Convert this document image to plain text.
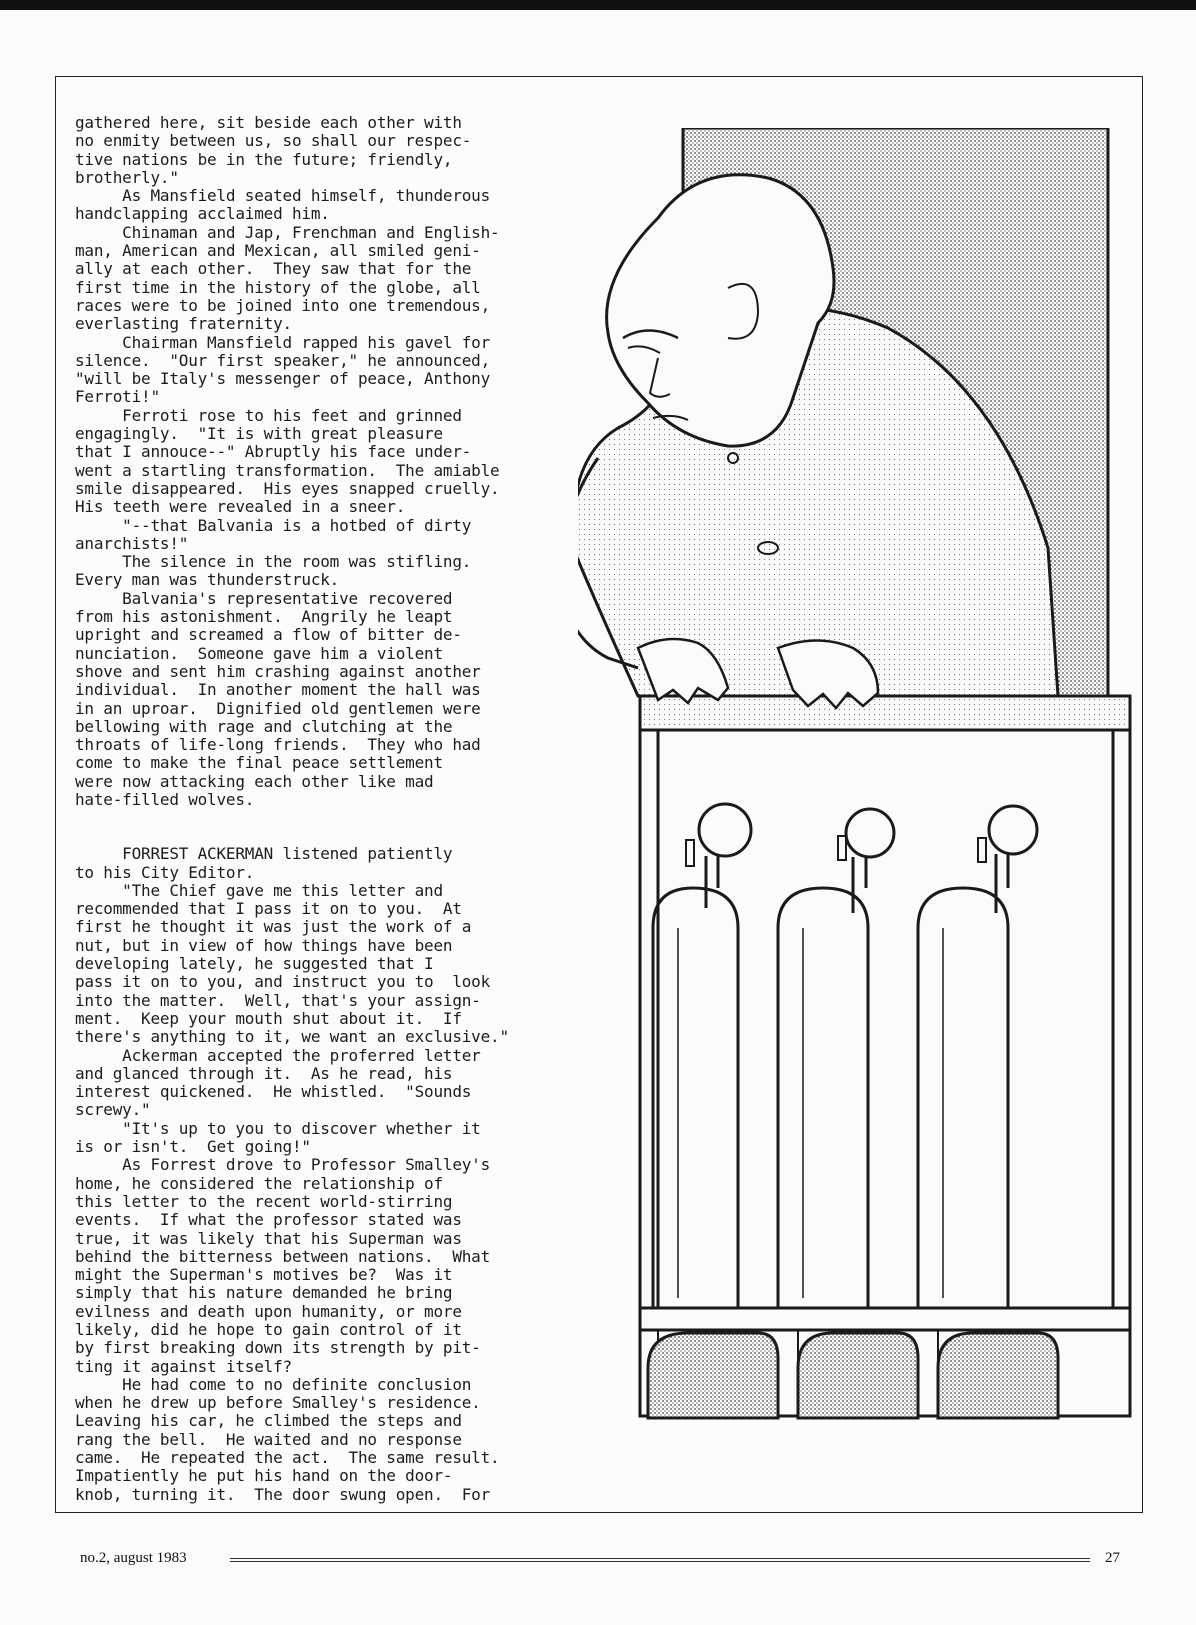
gathered here, sit beside each other with
no enmity between us, so shall our respec-
tive nations be in the future; friendly,
brotherly."

As Mansfield seated himself, thunderous
handclapping acclaimed him.

Chinaman and Jap, Frenchman and English-
man, American and Mexican, all smiled geni-
ally at each other.  They saw that for the
first time in the history of the globe, all
races were to be joined into one tremendous,
everlasting fraternity.

Chairman Mansfield rapped his gavel for
silence.  "Our first speaker," he announced,
"will be Italy's messenger of peace, Anthony
Ferroti!"

Ferroti rose to his feet and grinned
engagingly.  "It is with great pleasure
that I annouce--" Abruptly his face under-
went a startling transformation.  The amiable
smile disappeared.  His eyes snapped cruelly.
His teeth were revealed in a sneer.

"--that Balvania is a hotbed of dirty
anarchists!"

The silence in the room was stifling.
Every man was thunderstruck.

Balvania's representative recovered
from his astonishment.  Angrily he leapt
upright and screamed a flow of bitter de-
nunciation.  Someone gave him a violent
shove and sent him crashing against another
individual.  In another moment the hall was
in an uproar.  Dignified old gentlemen were
bellowing with rage and clutching at the
throats of life-long friends.  They who had
come to make the final peace settlement
were now attacking each other like mad
hate-filled wolves.

FORREST ACKERMAN listened patiently
to his City Editor.

"The Chief gave me this letter and
recommended that I pass it on to you.  At
first he thought it was just the work of a
nut, but in view of how things have been
developing lately, he suggested that I
pass it on to you, and instruct you to  look
into the matter.  Well, that's your assign-
ment.  Keep your mouth shut about it.  If
there's anything to it, we want an exclusive."

Ackerman accepted the proferred letter
and glanced through it.  As he read, his
interest quickened.  He whistled.  "Sounds
screwy."

"It's up to you to discover whether it
is or isn't.  Get going!"

As Forrest drove to Professor Smalley's
home, he considered the relationship of
this letter to the recent world-stirring
events.  If what the professor stated was
true, it was likely that his Superman was
behind the bitterness between nations.  What
might the Superman's motives be?  Was it
simply that his nature demanded he bring
evilness and death upon humanity, or more
likely, did he hope to gain control of it
by first breaking down its strength by pit-
ting it against itself?

He had come to no definite conclusion
when he drew up before Smalley's residence.
Leaving his car, he climbed the steps and
rang the bell.  He waited and no response
came.  He repeated the act.  The same result.
Impatiently he put his hand on the door-
knob, turning it.  The door swung open.  For

no.2, august 1983	27
